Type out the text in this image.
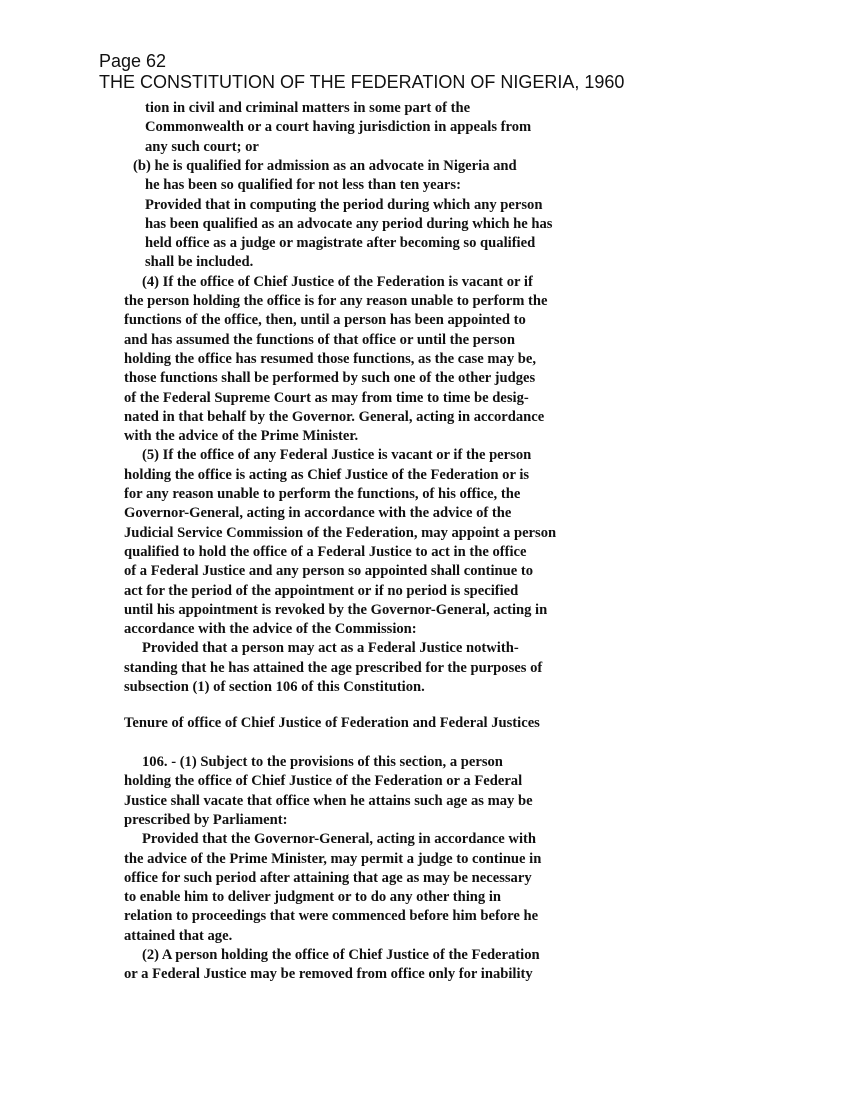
Page 62
THE CONSTITUTION OF THE FEDERATION OF NIGERIA, 1960
tion in civil and criminal matters in some part of the
Commonwealth or a court having jurisdiction in appeals from
any such court; or
(b) he is qualified for admission as an advocate in Nigeria and
he has been so qualified for not less than ten years:
Provided that in computing the period during which any person
has been qualified as an advocate any period during which he has
held office as a judge or magistrate after becoming so qualified
shall be included.
(4) If the office of Chief Justice of the Federation is vacant or if
the person holding the office is for any reason unable to perform the
functions of the office, then, until a person has been appointed to
and has assumed the functions of that office or until the person
holding the office has resumed those functions, as the case may be,
those functions shall be performed by such one of the other judges
of the Federal Supreme Court as may from time to time be desig-
nated in that behalf by the Governor. General, acting in accordance
with the advice of the Prime Minister.
(5) If the office of any Federal Justice is vacant or if the person
holding the office is acting as Chief Justice of the Federation or is
for any reason unable to perform the functions, of his office, the
Governor-General, acting in accordance with the advice of the
Judicial Service Commission of the Federation, may appoint a person
qualified to hold the office of a Federal Justice to act in the office
of a Federal Justice and any person so appointed shall continue to
act for the period of the appointment or if no period is specified
until his appointment is revoked by the Governor-General, acting in
accordance with the advice of the Commission:
Provided that a person may act as a Federal Justice notwith-
standing that he has attained the age prescribed for the purposes of
subsection (1) of section 106 of this Constitution.
Tenure of office of Chief Justice of Federation and Federal Justices
106. - (1) Subject to the provisions of this section, a person
holding the office of Chief Justice of the Federation or a Federal
Justice shall vacate that office when he attains such age as may be
prescribed by Parliament:
Provided that the Governor-General, acting in accordance with
the advice of the Prime Minister, may permit a judge to continue in
office for such period after attaining that age as may be necessary
to enable him to deliver judgment or to do any other thing in
relation to proceedings that were commenced before him before he
attained that age.
(2) A person holding the office of Chief Justice of the Federation
or a Federal Justice may be removed from office only for inability
